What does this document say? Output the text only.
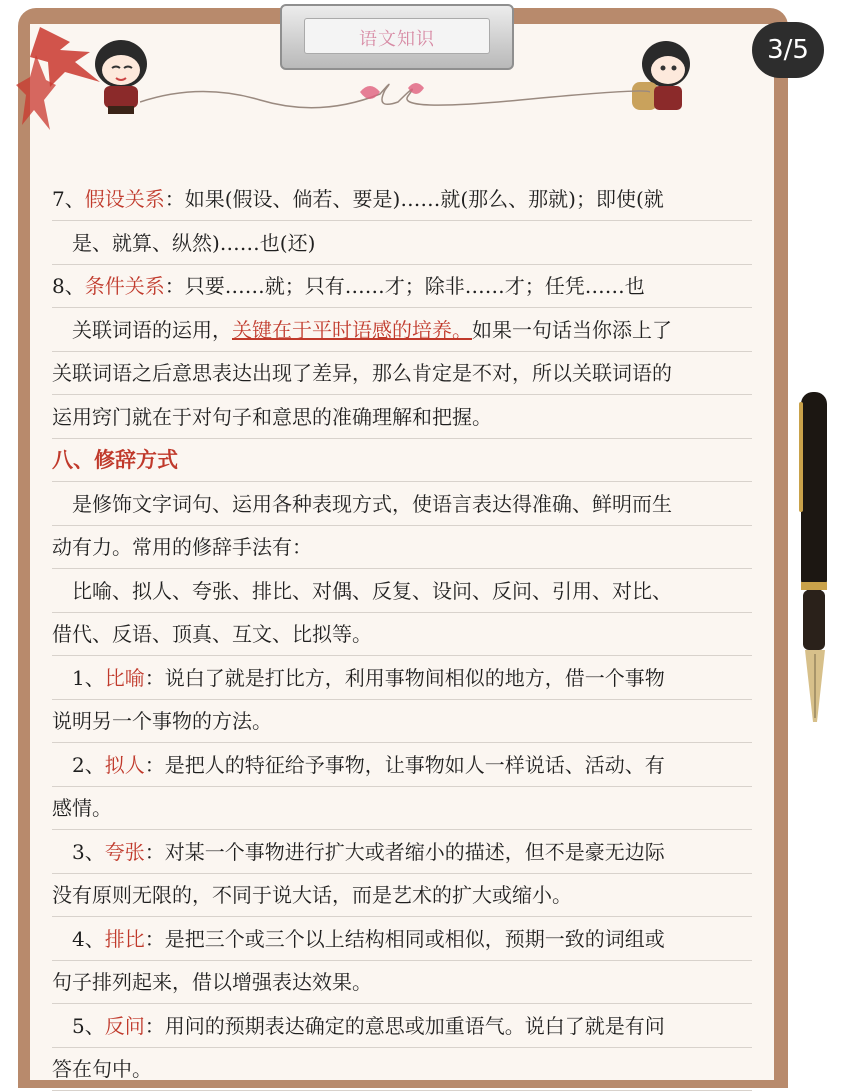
语文知识	3/5
7、假设关系：如果(假设、倘若、要是)……就(那么、那就)；即使(就
　是、就算、纵然)……也(还)
8、条件关系：只要……就；只有……才；除非……才；任凭……也
　关联词语的运用，关键在于平时语感的培养。如果一句话当你添上了
关联词语之后意思表达出现了差异，那么肯定是不对，所以关联词语的
运用窍门就在于对句子和意思的准确理解和把握。
八、修辞方式
　是修饰文字词句、运用各种表现方式，使语言表达得准确、鲜明而生
动有力。常用的修辞手法有：
　比喻、拟人、夸张、排比、对偶、反复、设问、反问、引用、对比、
借代、反语、顶真、互文、比拟等。
　1、比喻：说白了就是打比方，利用事物间相似的地方，借一个事物
说明另一个事物的方法。
　2、拟人：是把人的特征给予事物，让事物如人一样说话、活动、有
感情。
　3、夸张：对某一个事物进行扩大或者缩小的描述，但不是豪无边际
没有原则无限的，不同于说大话，而是艺术的扩大或缩小。
　4、排比：是把三个或三个以上结构相同或相似，预期一致的词组或
句子排列起来，借以增强表达效果。
　5、反问：用问的预期表达确定的意思或加重语气。说白了就是有问
答在句中。
